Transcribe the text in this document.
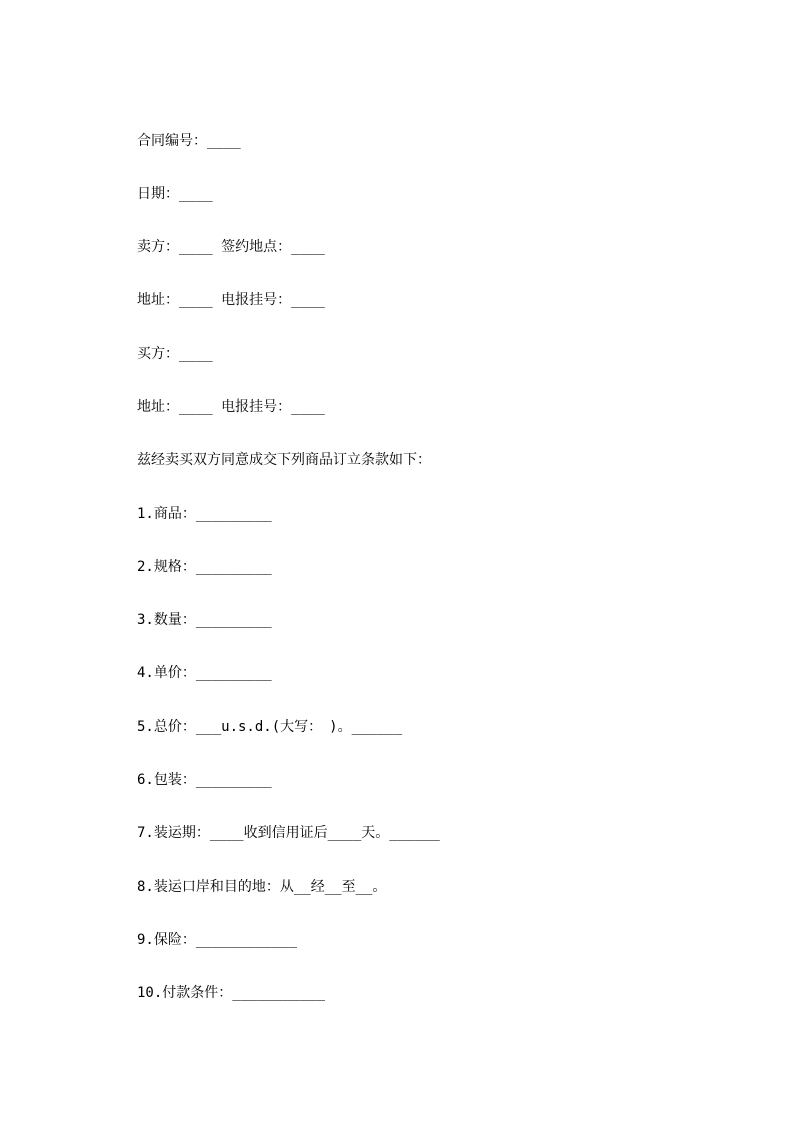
合同编号：____
日期：____
卖方：____ 签约地点：____
地址：____ 电报挂号：____
买方：____
地址：____ 电报挂号：____
兹经卖买双方同意成交下列商品订立条款如下：
1.商品：_________
2.规格：_________
3.数量：_________
4.单价：_________
5.总价：___u.s.d.(大写：　)。______
6.包装：_________
7.装运期：____收到信用证后____天。______
8.装运口岸和目的地：从__经__至__。
9.保险：____________
10.付款条件：___________
